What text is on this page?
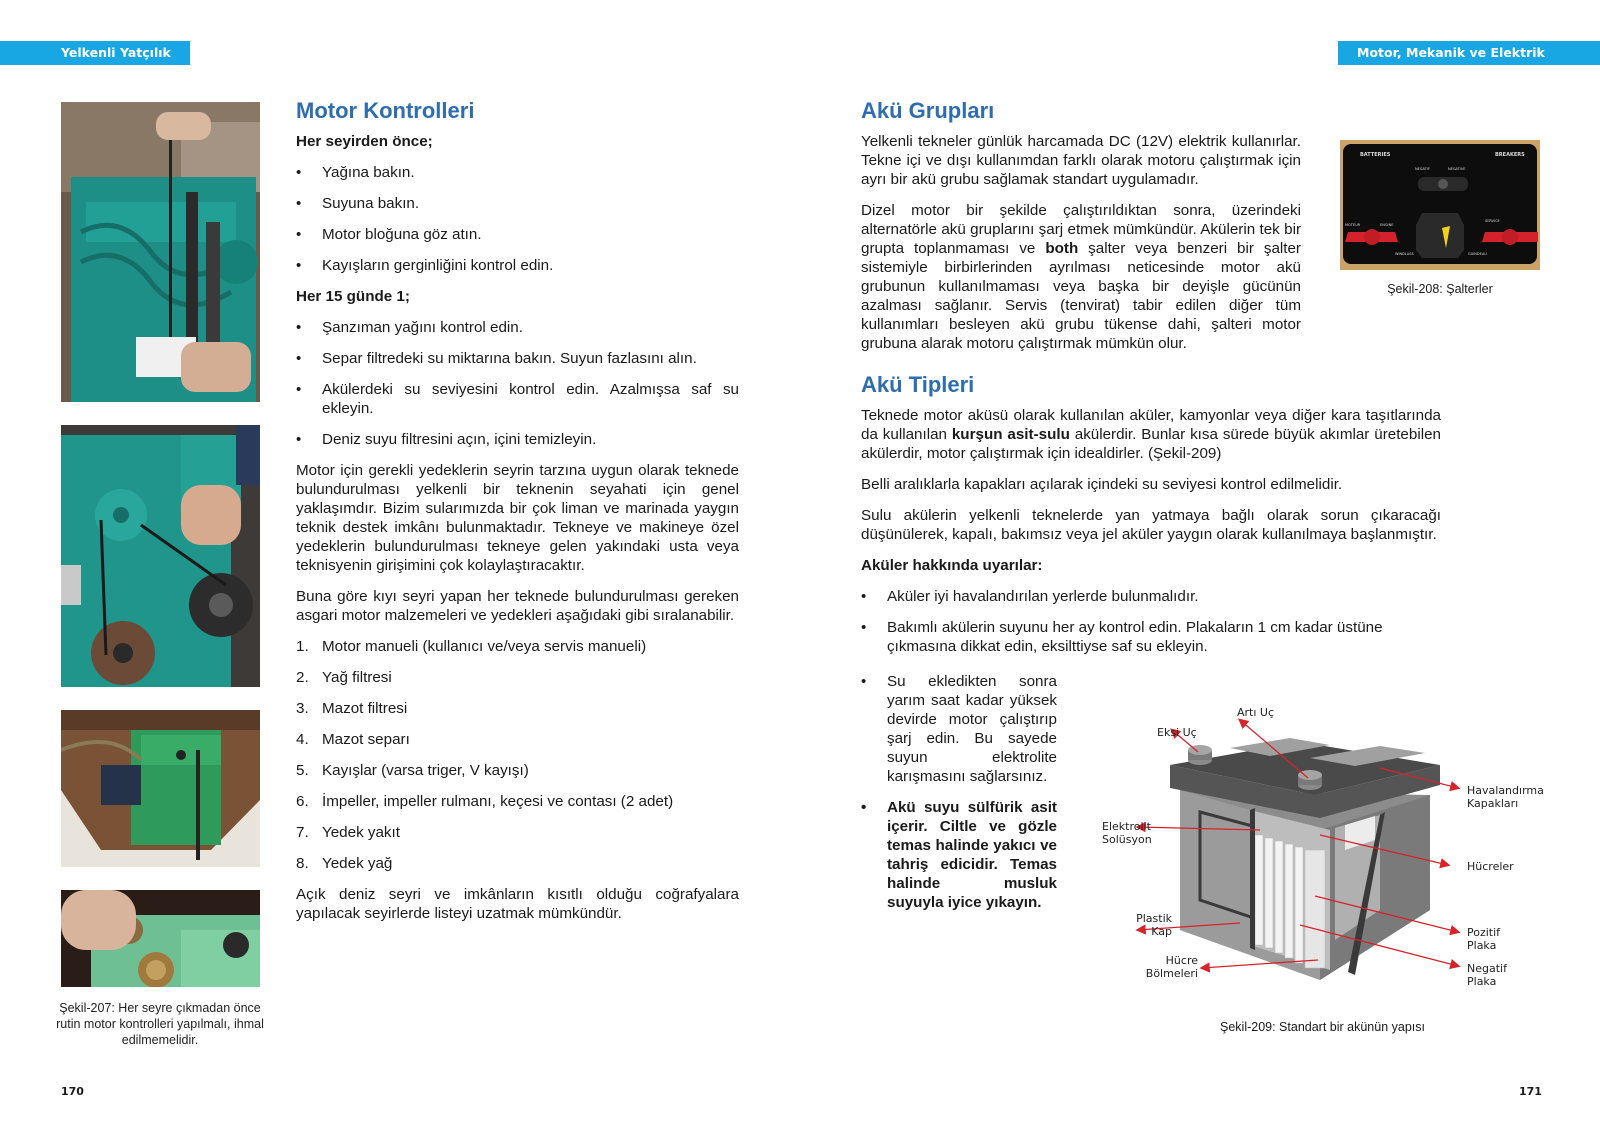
Yelkenli Yatçılık	Motor, Mekanik ve Elektrik
Şekil-207: Her seyre çıkmadan önce rutin motor kontrolleri yapılmalı, ihmal edilmemelidir.
170
Motor Kontrolleri
Her seyirden önce;
• Yağına bakın.
• Suyuna bakın.
• Motor bloğuna göz atın.
• Kayışların gerginliğini kontrol edin.
Her 15 günde 1;
• Şanzıman yağını kontrol edin.
• Separ filtredeki su miktarına bakın. Suyun fazlasını alın.
• Akülerdeki su seviyesini kontrol edin. Azalmışsa saf su ekleyin.
• Deniz suyu filtresini açın, içini temizleyin.

Motor için gerekli yedeklerin seyrin tarzına uygun olarak teknede bulundurulması yelkenli bir teknenin seyahati için genel yaklaşımdır. Bizim sularımızda bir çok liman ve marinada yaygın teknik destek imkânı bulunmaktadır. Tekneye ve makineye özel yedeklerin bulundurulması tekneye gelen yakındaki usta veya teknisyenin girişimini çok kolaylaştıracaktır.

Buna göre kıyı seyri yapan her teknede bulundurulması gereken asgari motor malzemeleri ve yedekleri aşağıdaki gibi sıralanabilir.

1. Motor manueli (kullanıcı ve/veya servis manueli)
2. Yağ filtresi
3. Mazot filtresi
4. Mazot separı
5. Kayışlar (varsa triger, V kayışı)
6. İmpeller, impeller rulmanı, keçesi ve contası (2 adet)
7. Yedek yakıt
8. Yedek yağ

Açık deniz seyri ve imkânların kısıtlı olduğu coğrafyalara yapılacak seyirlerde listeyi uzatmak mümkündür.

Akü Grupları

Yelkenli tekneler günlük harcamada DC (12V) elektrik kullanırlar. Tekne içi ve dışı kullanımdan farklı olarak motoru çalıştırmak için ayrı bir akü grubu sağlamak standart uygulamadır.

Dizel motor bir şekilde çalıştırıldıktan sonra, üzerindeki alternatörle akü gruplarını şarj etmek mümkündür. Akülerin tek bir grupta toplanmaması ve both şalter veya benzeri bir şalter sistemiyle birbirlerinden ayrılması neticesinde motor akü grubunun kullanılmaması veya başka bir deyişle gücünün azalması sağlanır. Servis (tenvirat) tabir edilen diğer tüm kullanımları besleyen akü grubu tükense dahi, şalteri motor grubuna alarak motoru çalıştırmak mümkün olur.

BATTERIES	BREAKERS
NEGATIF	NEGATIVE
MOTEUR	ENGINE
SERVICE
WINDLASS	GUINDEAU
Şekil-208: Şalterler
Akü Tipleri

Teknede motor aküsü olarak kullanılan aküler, kamyonlar veya diğer kara taşıtlarında da kullanılan kurşun asit-sulu akülerdir. Bunlar kısa sürede büyük akımlar üretebilen akülerdir, motor çalıştırmak için idealdirler. (Şekil-209)

Belli aralıklarla kapakları açılarak içindeki su seviyesi kontrol edilmelidir.

Sulu akülerin yelkenli teknelerde yan yatmaya bağlı olarak sorun çıkaracağı düşünülerek, kapalı, bakımsız veya jel aküler yaygın olarak kullanılmaya başlanmıştır.

Aküler hakkında uyarılar:
• Aküler iyi havalandırılan yerlerde bulunmalıdır.
• Bakımlı akülerin suyunu her ay kontrol edin. Plakaların 1 cm kadar üstüne çıkmasına dikkat edin, eksilttiyse saf su ekleyin.
• Su ekledikten sonra yarım saat kadar yüksek devirde motor çalıştırıp şarj edin. Bu sayede suyun elektrolite karışmasını sağlarsınız.
• Akü suyu sülfürik asit içerir. Ciltle ve gözle temas halinde yakıcı ve tahriş edicidir. Temas halinde musluk suyuyla iyice yıkayın.
Artı Uç
Eksi Uç
Elektrolit
Solüsyon
Plastik
Kap
Hücre
Bölmeleri
Havalandırma
Kapakları
Hücreler
Pozitif
Plaka
Negatif
Plaka
Şekil-209: Standart bir akünün yapısı
171
